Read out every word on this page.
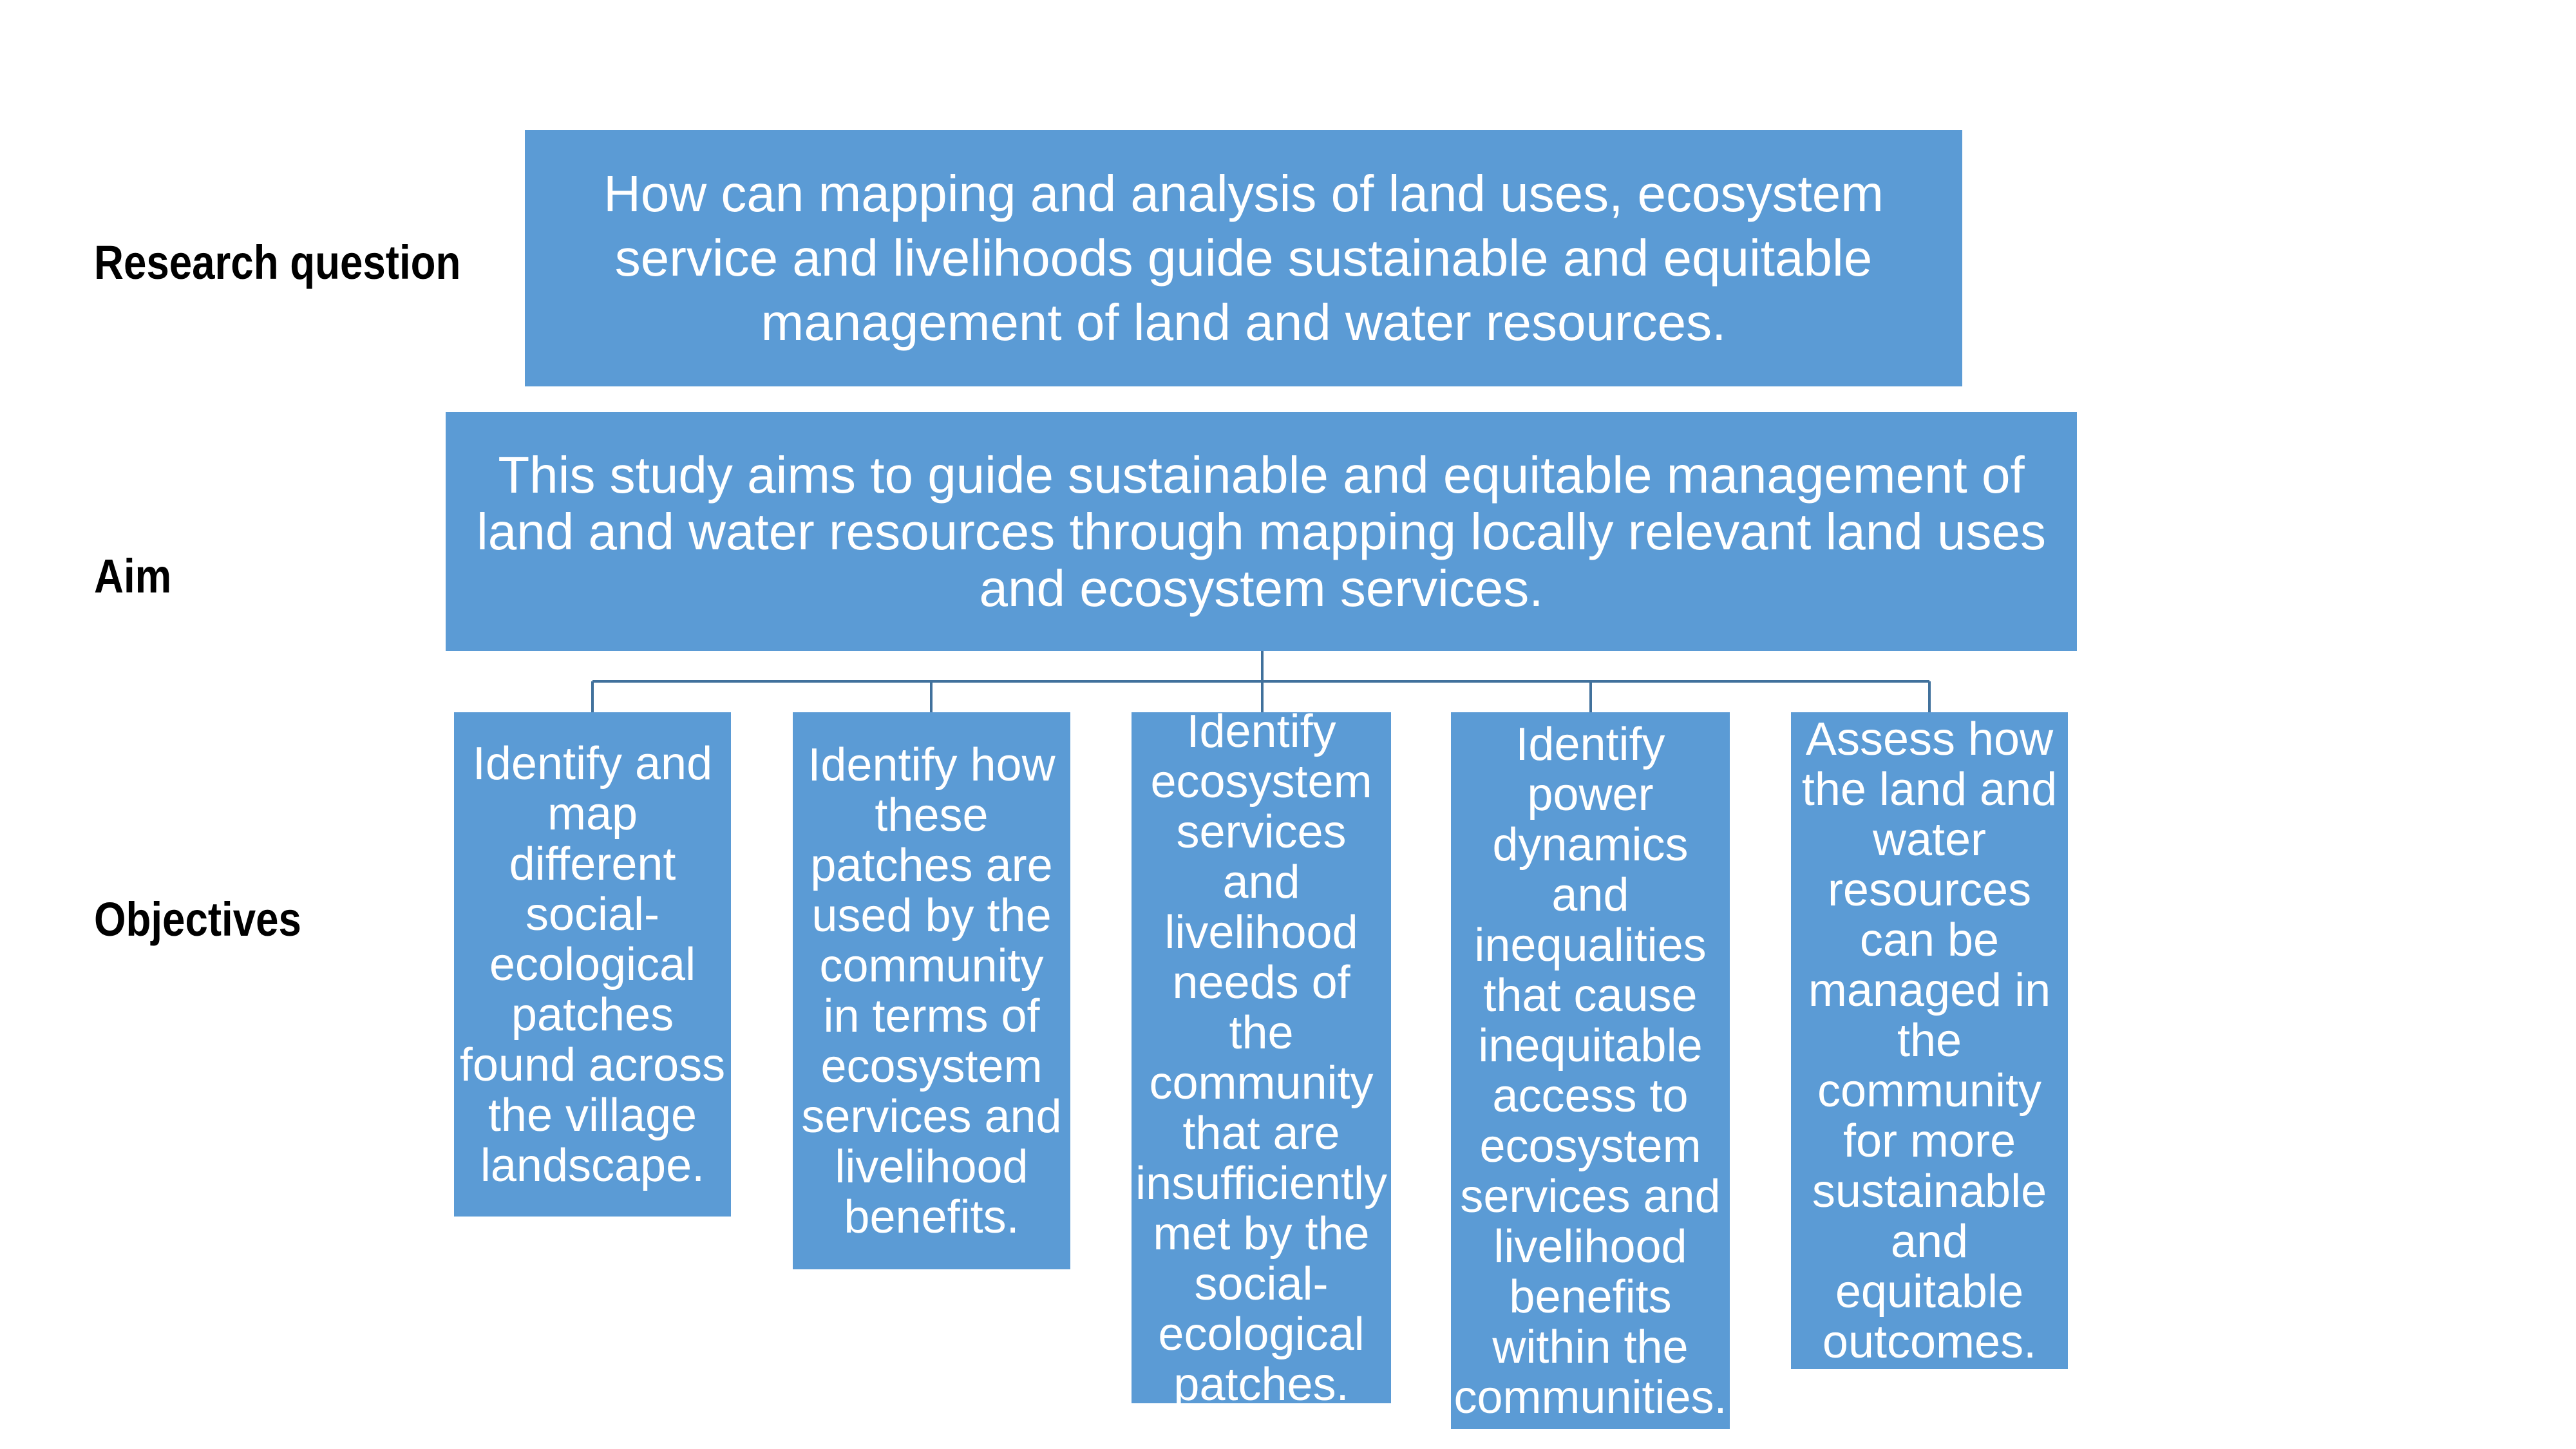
Research question
Aim
Objectives
How can mapping and analysis of land uses, ecosystem service and livelihoods guide sustainable and equitable management of land and water resources.
This study aims to guide sustainable and equitable management of land and water resources through mapping locally relevant land uses and ecosystem services.
Identify and map different social-ecological patches found across the village landscape.
Identify how these patches are used by the community in terms of ecosystem services and livelihood benefits.
Identify ecosystem services and livelihood needs of the community that are insufficiently met by the social-ecological patches.
Identify power dynamics and inequalities that cause inequitable access to ecosystem services and livelihood benefits within the communities.
Assess how the land and water resources can be managed in the community for more sustainable and equitable outcomes.
